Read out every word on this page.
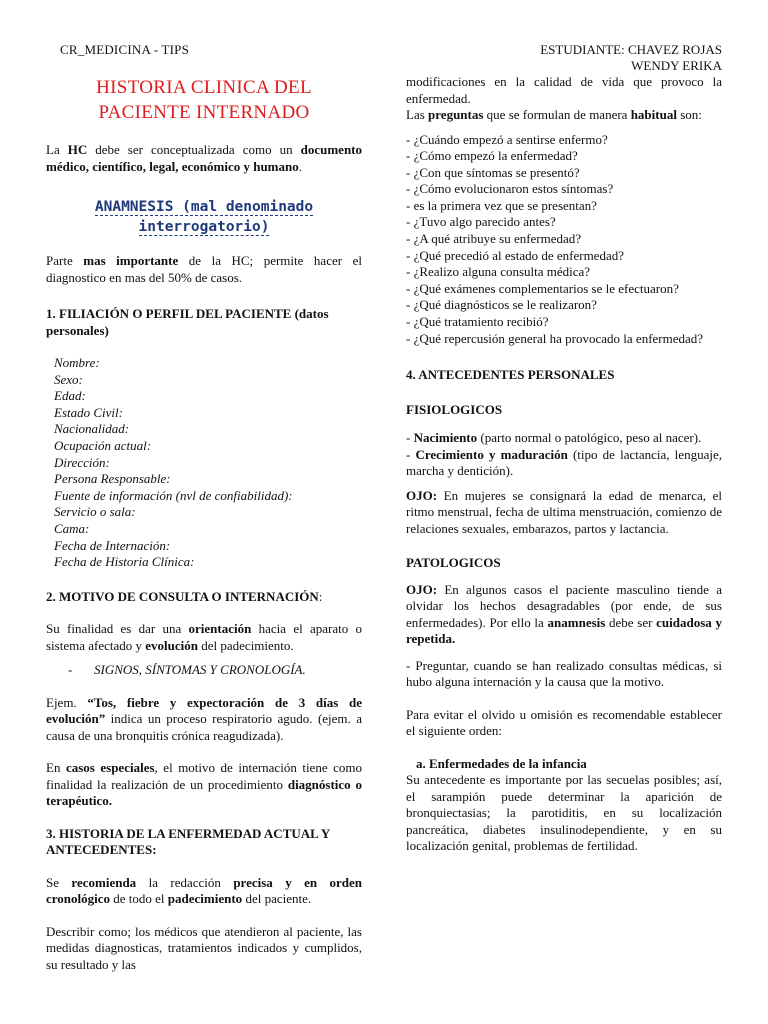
CR_MEDICINA - TIPS	ESTUDIANTE: CHAVEZ ROJAS
WENDY ERIKA
HISTORIA CLINICA DEL
PACIENTE INTERNADO

La HC debe ser conceptualizada como un documento médico, científico, legal, económico y humano.

ANAMNESIS (mal denominado
interrogatorio)

Parte mas importante de la HC; permite hacer el diagnostico en mas del 50% de casos.

1. FILIACIÓN O PERFIL DEL PACIENTE (datos personales)

Nombre:
Sexo:
Edad:
Estado Civil:
Nacionalidad:
Ocupación actual:
Dirección:
Persona Responsable:
Fuente de información (nvl de confiabilidad):
Servicio o sala:
Cama:
Fecha de Internación:
Fecha de Historia Clínica:

2. MOTIVO DE CONSULTA O INTERNACIÓN:

Su finalidad es dar una orientación hacia el aparato o sistema afectado y evolución del padecimiento.

- SIGNOS, SÍNTOMAS Y CRONOLOGÍA.

Ejem. “Tos, fiebre y expectoración de 3 días de evolución” indica un proceso respiratorio agudo. (ejem. a causa de una bronquitis crónica reagudizada).

En casos especiales, el motivo de internación tiene como finalidad la realización de un procedimiento diagnóstico o terapéutico.

3. HISTORIA DE LA ENFERMEDAD ACTUAL Y ANTECEDENTES:

Se recomienda la redacción precisa y en orden cronológico de todo el padecimiento del paciente.

Describir como; los médicos que atendieron al paciente, las medidas diagnosticas, tratamientos indicados y cumplidos, su resultado y las

modificaciones en la calidad de vida que provoco la enfermedad.

Las preguntas que se formulan de manera habitual son:

- ¿Cuándo empezó a sentirse enfermo?
- ¿Cómo empezó la enfermedad?
- ¿Con que síntomas se presentó?
- ¿Cómo evolucionaron estos síntomas?
- es la primera vez que se presentan?
- ¿Tuvo algo parecido antes?
- ¿A qué atribuye su enfermedad?
- ¿Qué precedió al estado de enfermedad?
- ¿Realizo alguna consulta médica?
- ¿Qué exámenes complementarios se le efectuaron?
- ¿Qué diagnósticos se le realizaron?
- ¿Qué tratamiento recibió?
- ¿Qué repercusión general ha provocado la enfermedad?

4. ANTECEDENTES PERSONALES

FISIOLOGICOS

- Nacimiento (parto normal o patológico, peso al nacer).

- Crecimiento y maduración (tipo de lactancia, lenguaje, marcha y dentición).

OJO: En mujeres se consignará la edad de menarca, el ritmo menstrual, fecha de ultima menstruación, comienzo de relaciones sexuales, embarazos, partos y lactancia.

PATOLOGICOS

OJO: En algunos casos el paciente masculino tiende a olvidar los hechos desagradables (por ende, de sus enfermedades). Por ello la anamnesis debe ser cuidadosa y repetida.

- Preguntar, cuando se han realizado consultas médicas, si hubo alguna internación y la causa que la motivo.

Para evitar el olvido u omisión es recomendable establecer el siguiente orden:

a. Enfermedades de la infancia

Su antecedente es importante por las secuelas posibles; así, el sarampión puede determinar la aparición de bronquiectasias; la parotiditis, en su localización pancreática, diabetes insulinodependiente, y en su localización genital, problemas de fertilidad.
